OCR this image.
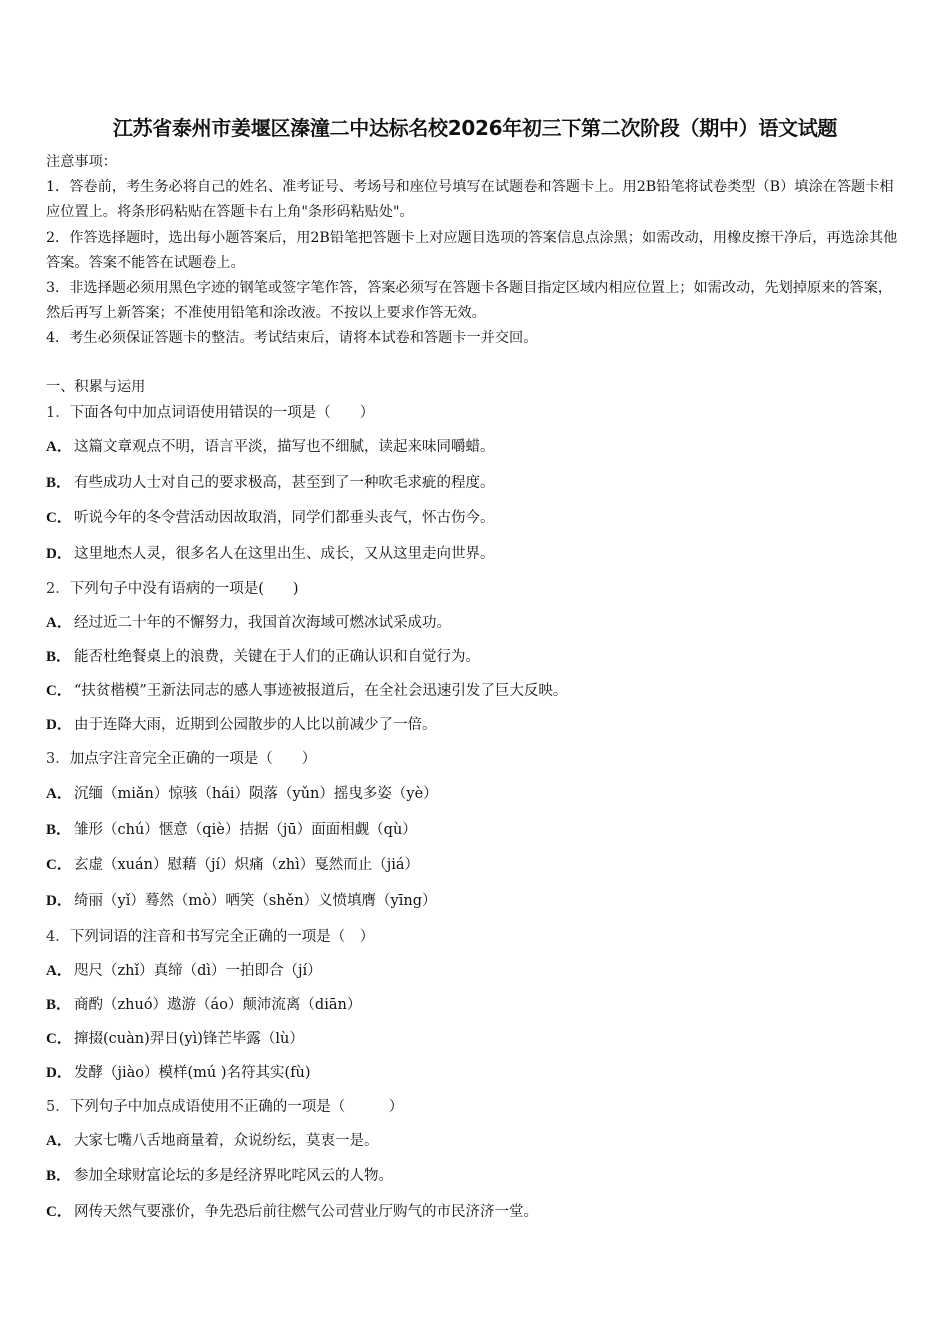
江苏省泰州市姜堰区溱潼二中达标名校2026年初三下第二次阶段（期中）语文试题

注意事项：

1．答卷前，考生务必将自己的姓名、准考证号、考场号和座位号填写在试题卷和答题卡上。用2B铅笔将试卷类型（B）填涂在答题卡相应位置上。将条形码粘贴在答题卡右上角"条形码粘贴处"。

2．作答选择题时，选出每小题答案后，用2B铅笔把答题卡上对应题目选项的答案信息点涂黑；如需改动，用橡皮擦干净后，再选涂其他答案。答案不能答在试题卷上。

3．非选择题必须用黑色字迹的钢笔或签字笔作答，答案必须写在答题卡各题目指定区域内相应位置上；如需改动，先划掉原来的答案，然后再写上新答案；不准使用铅笔和涂改液。不按以上要求作答无效。

4．考生必须保证答题卡的整洁。考试结束后，请将本试卷和答题卡一并交回。

一、积累与运用
1．下面各句中加点词语使用错误的一项是（　　）
A． 这篇文章观点不明，语言平淡，描写也不细腻，读起来味同嚼蜡。
B． 有些成功人士对自己的要求极高，甚至到了一种吹毛求疵的程度。
C． 听说今年的冬令营活动因故取消，同学们都垂头丧气，怀古伤今。
D． 这里地杰人灵，很多名人在这里出生、成长，又从这里走向世界。
2．下列句子中没有语病的一项是(　　)
A． 经过近二十年的不懈努力，我国首次海域可燃冰试采成功。
B． 能否杜绝餐桌上的浪费，关键在于人们的正确认识和自觉行为。
C． “扶贫楷模”王新法同志的感人事迹被报道后，在全社会迅速引发了巨大反映。
D． 由于连降大雨，近期到公园散步的人比以前减少了一倍。
3．加点字注音完全正确的一项是（　　）
A． 沉缅（miǎn）惊骇（hái）陨落（yǔn）摇曳多姿（yè）
B． 雏形（chú）惬意（qiè）拮据（jū）面面相觑（qù）
C． 玄虚（xuán）慰藉（jí）炽痛（zhì）戛然而止（jiá）
D． 绮丽（yǐ）蓦然（mò）哂笑（shěn）义愤填膺（yīng）
4．下列词语的注音和书写完全正确的一项是（　）
A． 咫尺（zhǐ）真缔（dì）一拍即合（jí）
B． 商酌（zhuó）遨游（áo）颠沛流离（diān）
C． 撺掇(cuàn)羿日(yì)锋芒毕露（lù）
D． 发酵（jiào）模样(mú )名符其实(fù)
5．下列句子中加点成语使用不正确的一项是（　　　）
A． 大家七嘴八舌地商量着，众说纷纭，莫衷一是。
B． 参加全球财富论坛的多是经济界叱咤风云的人物。
C． 网传天然气要涨价，争先恐后前往燃气公司营业厅购气的市民济济一堂。
